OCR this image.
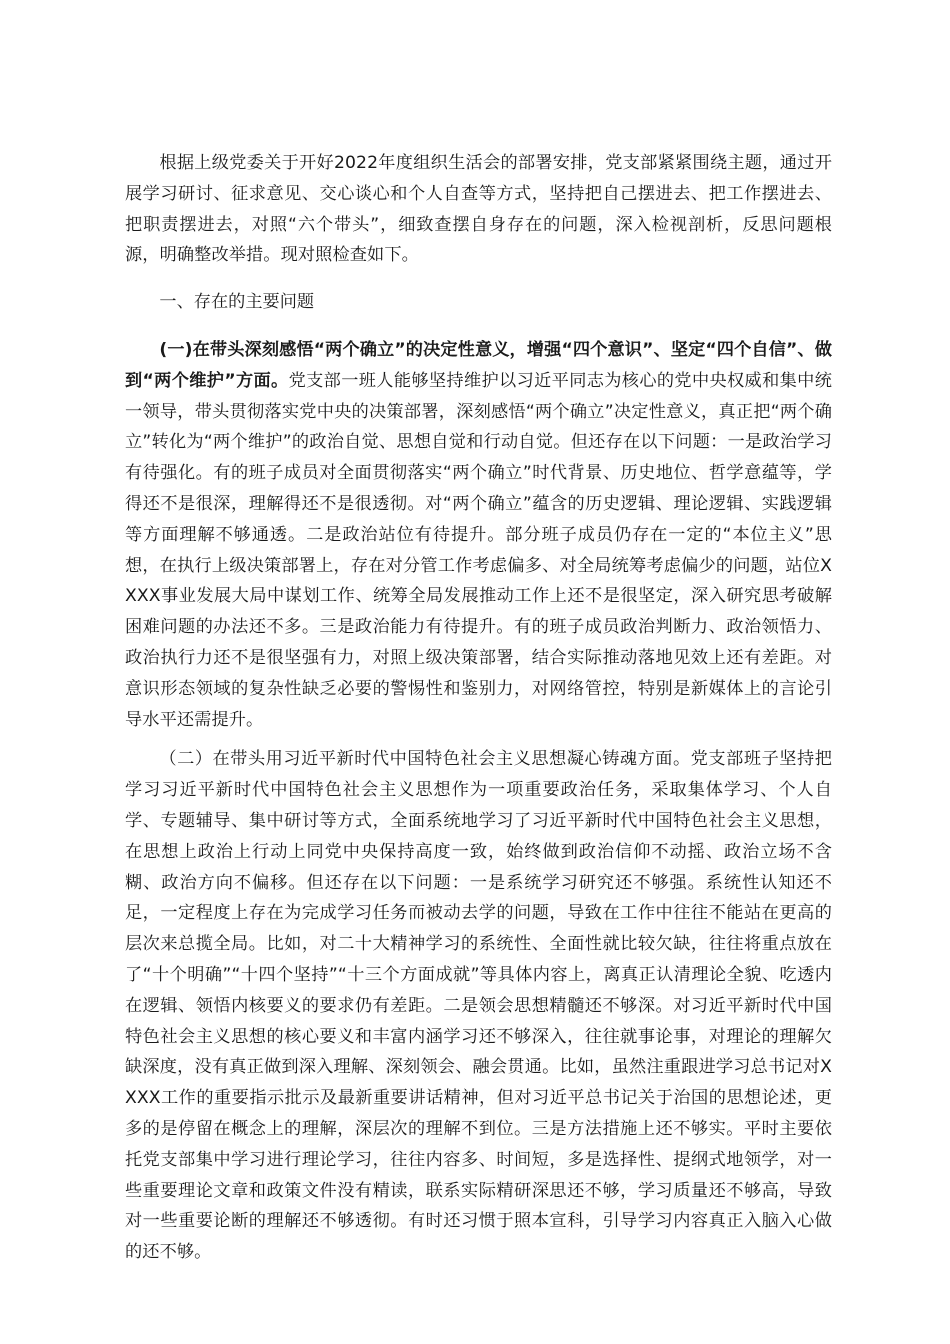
根据上级党委关于开好2022年度组织生活会的部署安排，党支部紧紧围绕主题，通过开展学习研讨、征求意见、交心谈心和个人自查等方式，坚持把自己摆进去、把工作摆进去、把职责摆进去，对照“六个带头”，细致查摆自身存在的问题，深入检视剖析，反思问题根源，明确整改举措。现对照检查如下。

一、存在的主要问题

(一)在带头深刻感悟“两个确立”的决定性意义，增强“四个意识”、坚定“四个自信”、做到“两个维护”方面。党支部一班人能够坚持维护以习近平同志为核心的党中央权威和集中统一领导，带头贯彻落实党中央的决策部署，深刻感悟“两个确立”决定性意义，真正把“两个确立”转化为“两个维护”的政治自觉、思想自觉和行动自觉。但还存在以下问题：一是政治学习有待强化。有的班子成员对全面贯彻落实“两个确立”时代背景、历史地位、哲学意蕴等，学得还不是很深，理解得还不是很透彻。对“两个确立”蕴含的历史逻辑、理论逻辑、实践逻辑等方面理解不够通透。二是政治站位有待提升。部分班子成员仍存在一定的“本位主义”思想，在执行上级决策部署上，存在对分管工作考虑偏多、对全局统筹考虑偏少的问题，站位XXXX事业发展大局中谋划工作、统筹全局发展推动工作上还不是很坚定，深入研究思考破解困难问题的办法还不多。三是政治能力有待提升。有的班子成员政治判断力、政治领悟力、政治执行力还不是很坚强有力，对照上级决策部署，结合实际推动落地见效上还有差距。对意识形态领域的复杂性缺乏必要的警惕性和鉴别力，对网络管控，特别是新媒体上的言论引导水平还需提升。

（二）在带头用习近平新时代中国特色社会主义思想凝心铸魂方面。党支部班子坚持把学习习近平新时代中国特色社会主义思想作为一项重要政治任务，采取集体学习、个人自学、专题辅导、集中研讨等方式，全面系统地学习了习近平新时代中国特色社会主义思想，在思想上政治上行动上同党中央保持高度一致，始终做到政治信仰不动摇、政治立场不含糊、政治方向不偏移。但还存在以下问题：一是系统学习研究还不够强。系统性认知还不足，一定程度上存在为完成学习任务而被动去学的问题，导致在工作中往往不能站在更高的层次来总揽全局。比如，对二十大精神学习的系统性、全面性就比较欠缺，往往将重点放在了“十个明确”“十四个坚持”“十三个方面成就”等具体内容上，离真正认清理论全貌、吃透内在逻辑、领悟内核要义的要求仍有差距。二是领会思想精髓还不够深。对习近平新时代中国特色社会主义思想的核心要义和丰富内涵学习还不够深入，往往就事论事，对理论的理解欠缺深度，没有真正做到深入理解、深刻领会、融会贯通。比如，虽然注重跟进学习总书记对XXXX工作的重要指示批示及最新重要讲话精神，但对习近平总书记关于治国的思想论述，更多的是停留在概念上的理解，深层次的理解不到位。三是方法措施上还不够实。平时主要依托党支部集中学习进行理论学习，往往内容多、时间短，多是选择性、提纲式地领学，对一些重要理论文章和政策文件没有精读，联系实际精研深思还不够，学习质量还不够高，导致对一些重要论断的理解还不够透彻。有时还习惯于照本宣科，引导学习内容真正入脑入心做的还不够。
